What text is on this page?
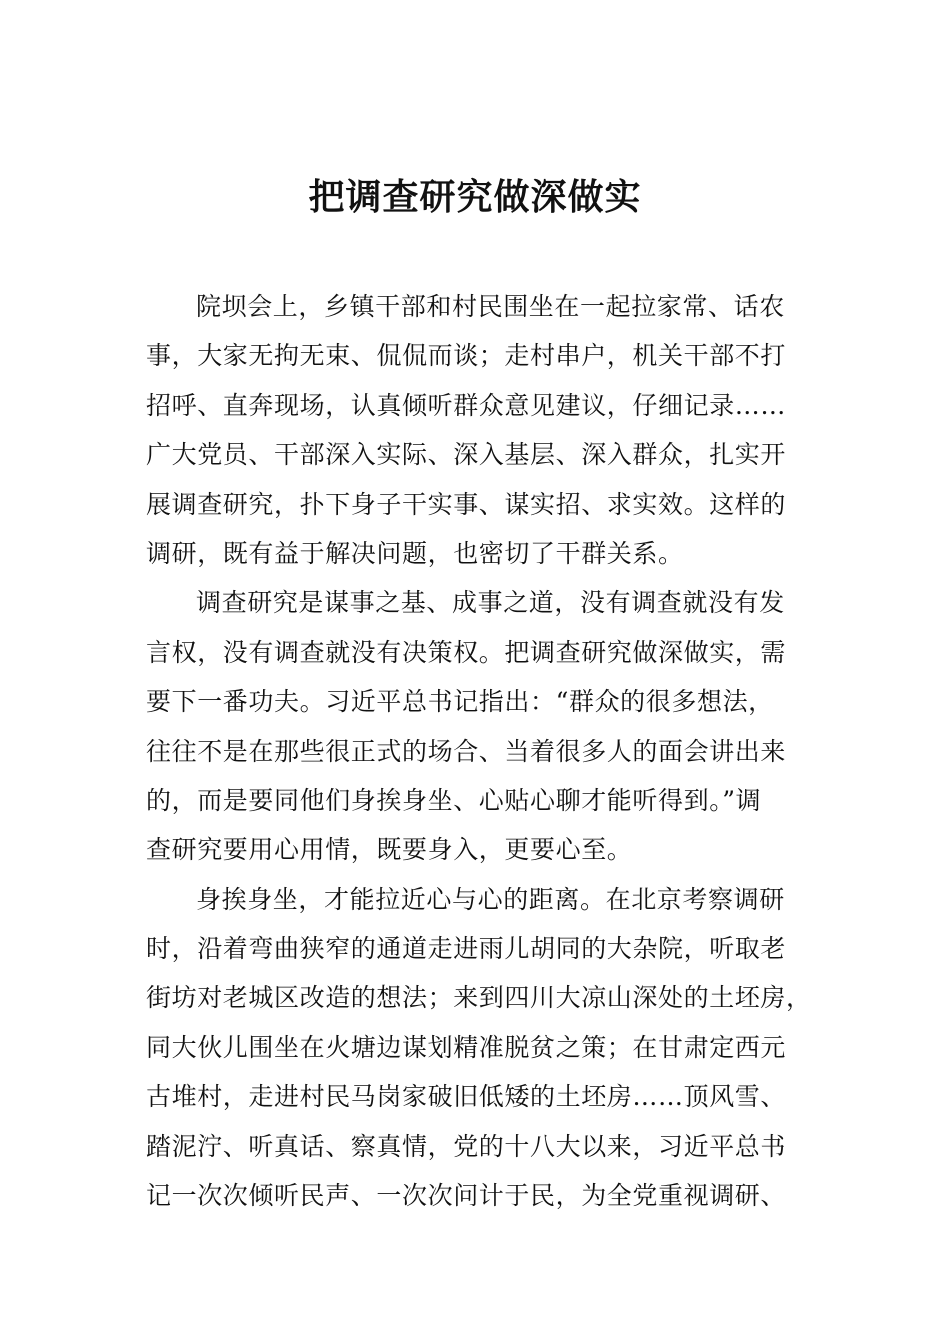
把调查研究做深做实
院坝会上，乡镇干部和村民围坐在一起拉家常、话农
事，大家无拘无束、侃侃而谈；走村串户，机关干部不打
招呼、直奔现场，认真倾听群众意见建议，仔细记录……
广大党员、干部深入实际、深入基层、深入群众，扎实开
展调查研究，扑下身子干实事、谋实招、求实效。这样的
调研，既有益于解决问题，也密切了干群关系。
调查研究是谋事之基、成事之道，没有调查就没有发
言权，没有调查就没有决策权。把调查研究做深做实，需
要下一番功夫。习近平总书记指出：“群众的很多想法，
往往不是在那些很正式的场合、当着很多人的面会讲出来
的，而是要同他们身挨身坐、心贴心聊才能听得到。”调
查研究要用心用情，既要身入，更要心至。
身挨身坐，才能拉近心与心的距离。在北京考察调研
时，沿着弯曲狭窄的通道走进雨儿胡同的大杂院，听取老
街坊对老城区改造的想法；来到四川大凉山深处的土坯房，
同大伙儿围坐在火塘边谋划精准脱贫之策；在甘肃定西元
古堆村，走进村民马岗家破旧低矮的土坯房……顶风雪、
踏泥泞、听真话、察真情，党的十八大以来，习近平总书
记一次次倾听民声、一次次问计于民，为全党重视调研、
